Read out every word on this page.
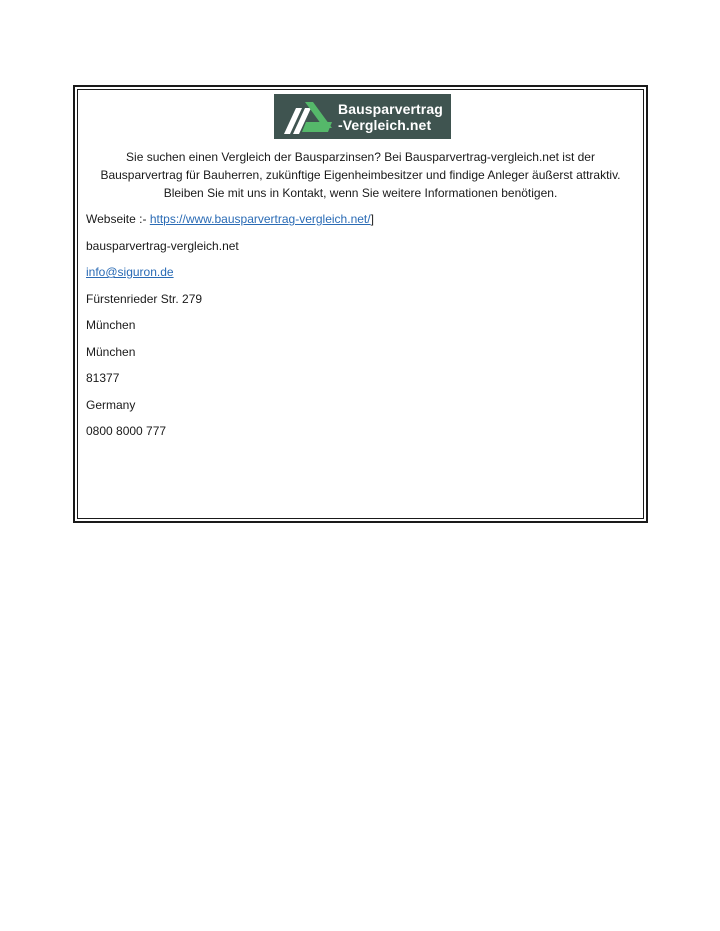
Bausparvertrag
-Vergleich.net
Sie suchen einen Vergleich der Bausparzinsen? Bei Bausparvertrag-vergleich.net ist der Bausparvertrag für Bauherren, zukünftige Eigenheimbesitzer und findige Anleger äußerst attraktiv. Bleiben Sie mit uns in Kontakt, wenn Sie weitere Informationen benötigen.
Webseite :- https://www.bausparvertrag-vergleich.net/]
bausparvertrag-vergleich.net
info@siguron.de
Fürstenrieder Str. 279
München
München
81377
Germany
0800 8000 777
